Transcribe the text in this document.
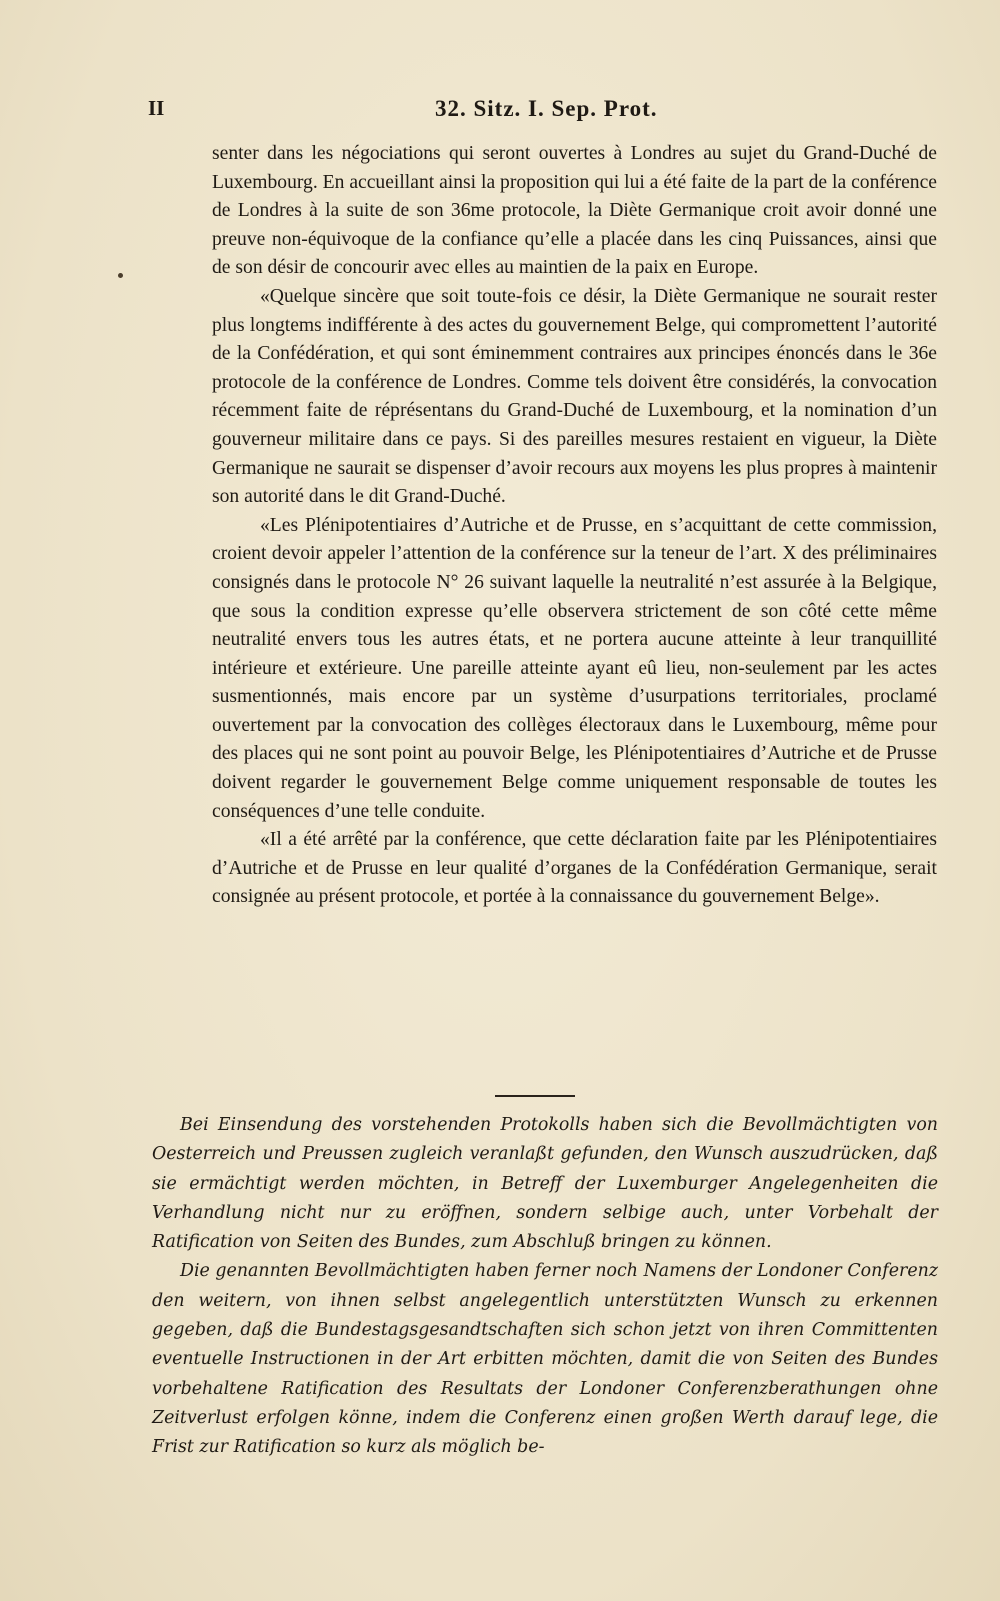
II	32. Sitz. I. Sep. Prot.

senter dans les négociations qui seront ouvertes à Londres au sujet du Grand-Duché de Luxembourg. En accueillant ainsi la proposition qui lui a été faite de la part de la conférence de Londres à la suite de son 36me protocole, la Diète Germanique croit avoir donné une preuve non-équivoque de la confiance qu’elle a placée dans les cinq Puissances, ainsi que de son désir de concourir avec elles au maintien de la paix en Europe.

«Quelque sincère que soit toute-fois ce désir, la Diète Germanique ne sourait rester plus longtems indifférente à des actes du gouvernement Belge, qui compromettent l’autorité de la Confédération, et qui sont éminemment contraires aux principes énoncés dans le 36e protocole de la conférence de Londres. Comme tels doivent être considérés, la convocation récemment faite de réprésentans du Grand-Duché de Luxembourg, et la nomination d’un gouverneur militaire dans ce pays. Si des pareilles mesures restaient en vigueur, la Diète Germanique ne saurait se dispenser d’avoir recours aux moyens les plus propres à maintenir son autorité dans le dit Grand-Duché.

«Les Plénipotentiaires d’Autriche et de Prusse, en s’acquittant de cette commission, croient devoir appeler l’attention de la conférence sur la teneur de l’art. X des préliminaires consignés dans le protocole N° 26 suivant laquelle la neutralité n’est assurée à la Belgique, que sous la condition expresse qu’elle observera strictement de son côté cette même neutralité envers tous les autres états, et ne portera aucune atteinte à leur tranquillité intérieure et extérieure. Une pareille atteinte ayant eû lieu, non-seulement par les actes susmentionnés, mais encore par un système d’usurpations territoriales, proclamé ouvertement par la convocation des collèges électoraux dans le Luxembourg, même pour des places qui ne sont point au pouvoir Belge, les Plénipotentiaires d’Autriche et de Prusse doivent regarder le gouvernement Belge comme uniquement responsable de toutes les conséquences d’une telle conduite.

«Il a été arrêté par la conférence, que cette déclaration faite par les Plénipotentiaires d’Autriche et de Prusse en leur qualité d’organes de la Confédération Germanique, serait consignée au présent protocole, et portée à la connaissance du gouvernement Belge».

Bei Einsendung des vorstehenden Protokolls haben sich die Bevollmächtigten von Oesterreich und Preussen zugleich veranlaßt gefunden, den Wunsch auszudrücken, daß sie ermächtigt werden möchten, in Betreff der Luxemburger Angelegenheiten die Verhandlung nicht nur zu eröffnen, sondern selbige auch, unter Vorbehalt der Ratification von Seiten des Bundes, zum Abschluß bringen zu können.

Die genannten Bevollmächtigten haben ferner noch Namens der Londoner Conferenz den weitern, von ihnen selbst angelegentlich unterstützten Wunsch zu erkennen gegeben, daß die Bundestagsgesandtschaften sich schon jetzt von ihren Committenten eventuelle Instructionen in der Art erbitten möchten, damit die von Seiten des Bundes vorbehaltene Ratification des Resultats der Londoner Conferenzberathungen ohne Zeitverlust erfolgen könne, indem die Conferenz einen großen Werth darauf lege, die Frist zur Ratification so kurz als möglich be-
